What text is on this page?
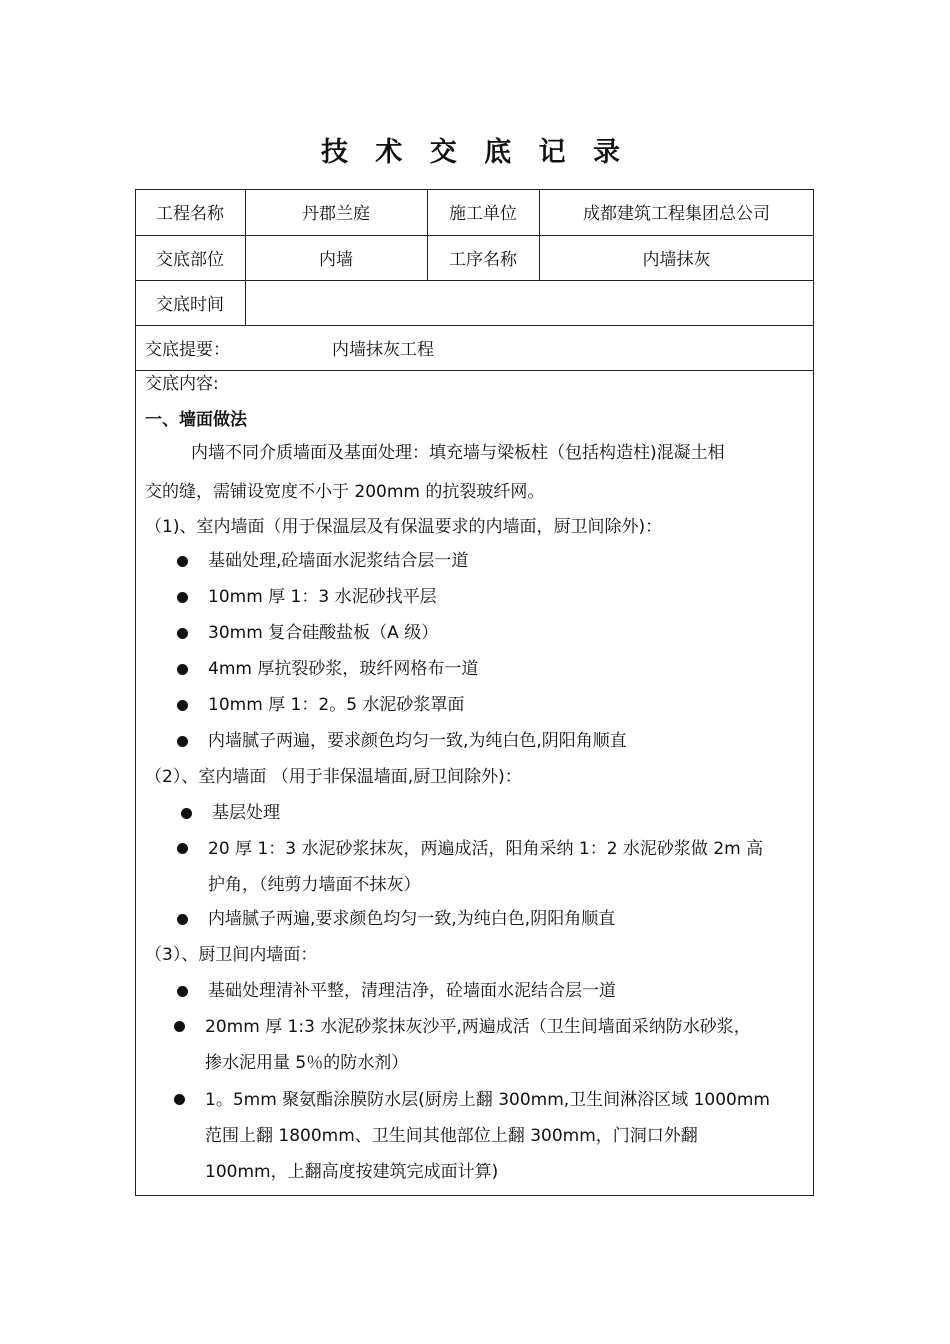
技 术 交 底 记 录
工程名称	丹郡兰庭	施工单位	成都建筑工程集团总公司
交底部位	内墙	工序名称	内墙抹灰
交底时间
交底提要：	内墙抹灰工程
交底内容:
一、墙面做法
内墙不同介质墙面及基面处理：填充墙与梁板柱（包括构造柱)混凝土相
交的缝，需铺设宽度不小于 200mm 的抗裂玻纤网。
（1)、室内墙面（用于保温层及有保温要求的内墙面，厨卫间除外)：
基础处理,砼墙面水泥浆结合层一道
10mm 厚 1：3 水泥砂找平层
30mm 复合硅酸盐板（A 级）
4mm 厚抗裂砂浆，玻纤网格布一道
10mm 厚 1：2。5 水泥砂浆罩面
内墙腻子两遍，要求颜色均匀一致,为纯白色,阴阳角顺直
（2）、室内墙面 （用于非保温墙面,厨卫间除外)：
基层处理
20 厚 1：3 水泥砂浆抹灰，两遍成活，阳角采纳 1：2 水泥砂浆做 2m 高
护角，（纯剪力墙面不抹灰）
内墙腻子两遍,要求颜色均匀一致,为纯白色,阴阳角顺直
（3）、厨卫间内墙面：
基础处理清补平整，清理洁净，砼墙面水泥结合层一道
20mm 厚 1:3 水泥砂浆抹灰沙平,两遍成活（卫生间墙面采纳防水砂浆，
掺水泥用量 5％的防水剂）
1。5mm 聚氨酯涂膜防水层(厨房上翻 300mm,卫生间淋浴区域 1000mm
范围上翻 1800mm、卫生间其他部位上翻 300mm，门洞口外翻
100mm，上翻高度按建筑完成面计算)
